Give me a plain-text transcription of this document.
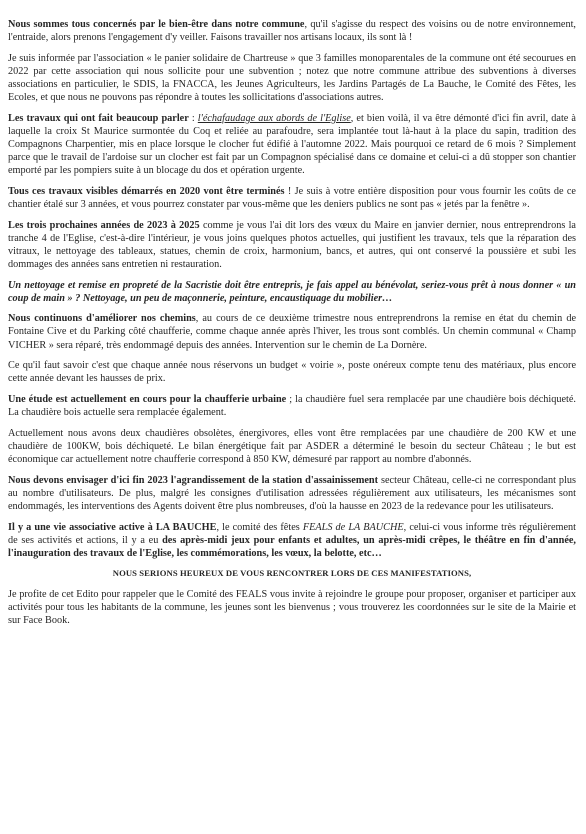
Nous sommes tous concernés par le bien-être dans notre commune, qu'il s'agisse du respect des voisins ou de notre environnement, l'entraide, alors prenons l'engagement d'y veiller. Faisons travailler nos artisans locaux, ils sont là !

Je suis informée par l'association « le panier solidaire de Chartreuse » que 3 familles monoparentales de la commune ont été secourues en 2022 par cette association qui nous sollicite pour une subvention ; notez que notre commune attribue des subventions à diverses associations en particulier, le SDIS, la FNACCA, les Jeunes Agriculteurs, les Jardins Partagés de La Bauche, le Comité des Fêtes, les Ecoles, et que nous ne pouvons pas répondre à toutes les sollicitations d'associations autres.

Les travaux qui ont fait beaucoup parler : l'échafaudage aux abords de l'Eglise, et bien voilà, il va être démonté d'ici fin avril, date à laquelle la croix St Maurice surmontée du Coq et reliée au parafoudre, sera implantée tout là-haut à la place du sapin, tradition des Compagnons Charpentier, mis en place lorsque le clocher fut édifié à l'automne 2022. Mais pourquoi ce retard de 6 mois ? Simplement parce que le travail de l'ardoise sur un clocher est fait par un Compagnon spécialisé dans ce domaine et celui-ci a dû stopper son chantier emporté par les pompiers suite à un blocage du dos et opération urgente.

Tous ces travaux visibles démarrés en 2020 vont être terminés ! Je suis à votre entière disposition pour vous fournir les coûts de ce chantier étalé sur 3 années, et vous pourrez constater par vous-même que les deniers publics ne sont pas « jetés par la fenêtre ».

Les trois prochaines années de 2023 à 2025 comme je vous l'ai dit lors des vœux du Maire en janvier dernier, nous entreprendrons la tranche 4 de l'Eglise, c'est-à-dire l'intérieur, je vous joins quelques photos actuelles, qui justifient les travaux, tels que la réparation des vitraux, le nettoyage des tableaux, statues, chemin de croix, harmonium, bancs, et autres, qui ont conservé la poussière et subi les dommages des années sans entretien ni restauration.

Un nettoyage et remise en propreté de la Sacristie doit être entrepris, je fais appel au bénévolat, seriez-vous prêt à nous donner « un coup de main » ? Nettoyage, un peu de maçonnerie, peinture, encaustiquage du mobilier…

Nous continuons d'améliorer nos chemins, au cours de ce deuxième trimestre nous entreprendrons la remise en état du chemin de Fontaine Cive et du Parking côté chaufferie, comme chaque année après l'hiver, les trous sont comblés. Un chemin communal « Champ VICHER » sera réparé, très endommagé depuis des années. Intervention sur le chemin de La Dornère.

Ce qu'il faut savoir c'est que chaque année nous réservons un budget « voirie », poste onéreux compte tenu des matériaux, plus encore cette année devant les hausses de prix.

Une étude est actuellement en cours pour la chaufferie urbaine ; la chaudière fuel sera remplacée par une chaudière bois déchiqueté. La chaudière bois actuelle sera remplacée également.

Actuellement nous avons deux chaudières obsolètes, énergivores, elles vont être remplacées par une chaudière de 200 KW et une chaudière de 100KW, bois déchiqueté. Le bilan énergétique fait par ASDER a déterminé le besoin du secteur Château ; le but est économique car actuellement notre chaufferie correspond à 850 KW, démesuré par rapport au nombre d'abonnés.

Nous devons envisager d'ici fin 2023 l'agrandissement de la station d'assainissement secteur Château, celle-ci ne correspondant plus au nombre d'utilisateurs. De plus, malgré les consignes d'utilisation adressées régulièrement aux utilisateurs, les mécanismes sont endommagés, les interventions des Agents doivent être plus nombreuses, d'où la hausse en 2023 de la redevance pour les utilisateurs.

Il y a une vie associative active à LA BAUCHE, le comité des fêtes FEALS de LA BAUCHE, celui-ci vous informe très régulièrement de ses activités et actions, il y a eu des après-midi jeux pour enfants et adultes, un après-midi crêpes, le théâtre en fin d'année, l'inauguration des travaux de l'Eglise, les commémorations, les vœux, la belotte, etc…

NOUS SERIONS HEUREUX DE VOUS RENCONTRER LORS DE CES MANIFESTATIONS,

Je profite de cet Edito pour rappeler que le Comité des FEALS vous invite à rejoindre le groupe pour proposer, organiser et participer aux activités pour tous les habitants de la commune, les jeunes sont les bienvenus ; vous trouverez les coordonnées sur le site de la Mairie et sur Face Book.
